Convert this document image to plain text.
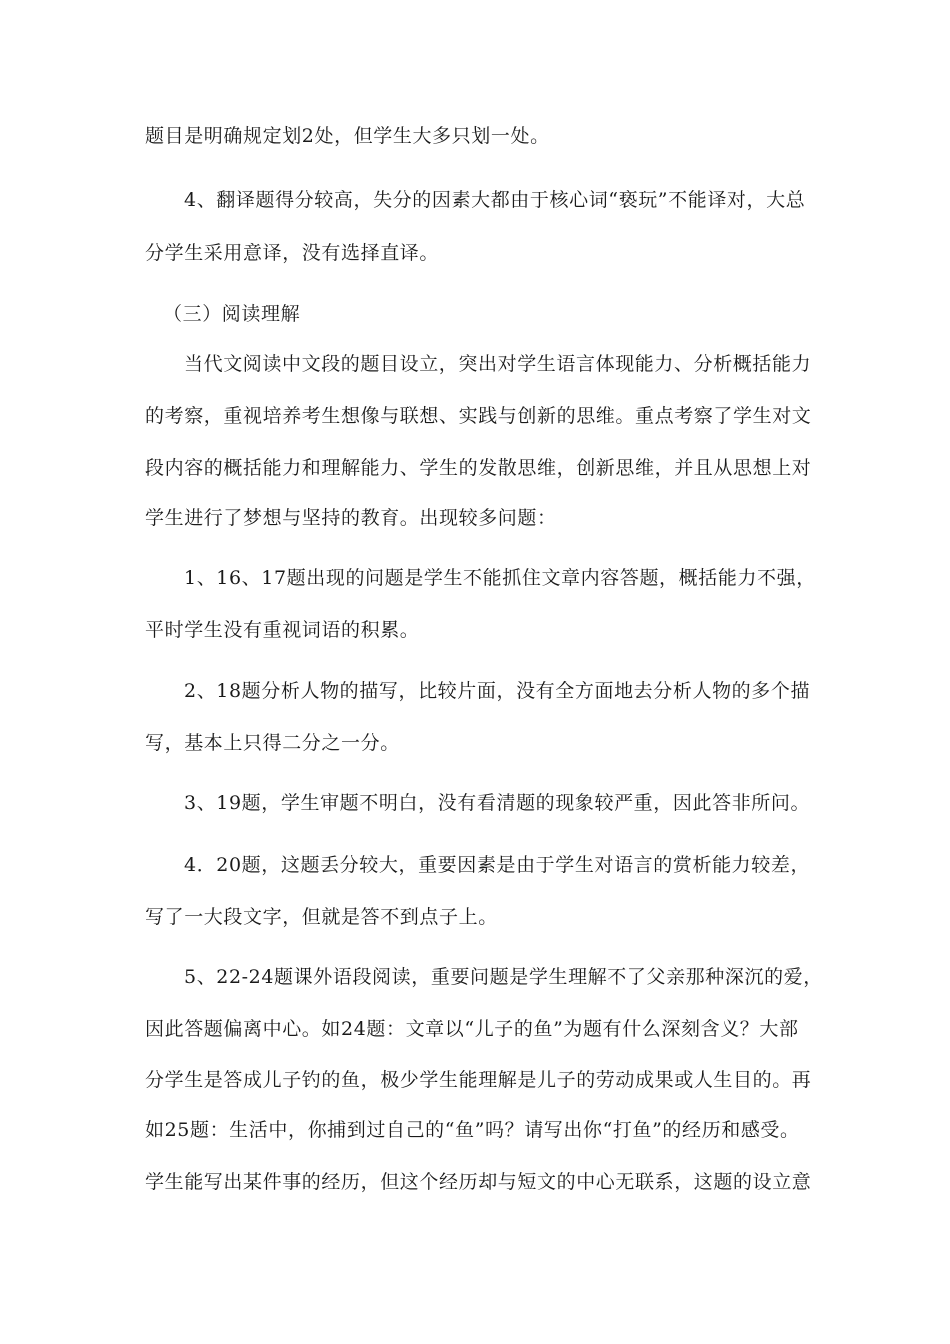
题目是明确规定划2处，但学生大多只划一处。
4、翻译题得分较高，失分的因素大都由于核心词“亵玩”不能译对，大总
分学生采用意译，没有选择直译。
（三）阅读理解
当代文阅读中文段的题目设立，突出对学生语言体现能力、分析概括能力
的考察，重视培养考生想像与联想、实践与创新的思维。重点考察了学生对文
段内容的概括能力和理解能力、学生的发散思维，创新思维，并且从思想上对
学生进行了梦想与坚持的教育。出现较多问题：
1、16、17题出现的问题是学生不能抓住文章内容答题，概括能力不强，
平时学生没有重视词语的积累。
2、18题分析人物的描写，比较片面，没有全方面地去分析人物的多个描
写，基本上只得二分之一分。
3、19题，学生审题不明白，没有看清题的现象较严重，因此答非所问。
4．20题，这题丢分较大，重要因素是由于学生对语言的赏析能力较差，
写了一大段文字，但就是答不到点子上。
5、22-24题课外语段阅读，重要问题是学生理解不了父亲那种深沉的爱，
因此答题偏离中心。如24题：文章以“儿子的鱼”为题有什么深刻含义？大部
分学生是答成儿子钓的鱼，极少学生能理解是儿子的劳动成果或人生目的。再
如25题：生活中，你捕到过自己的“鱼”吗？请写出你“打鱼”的经历和感受。
学生能写出某件事的经历，但这个经历却与短文的中心无联系，这题的设立意
